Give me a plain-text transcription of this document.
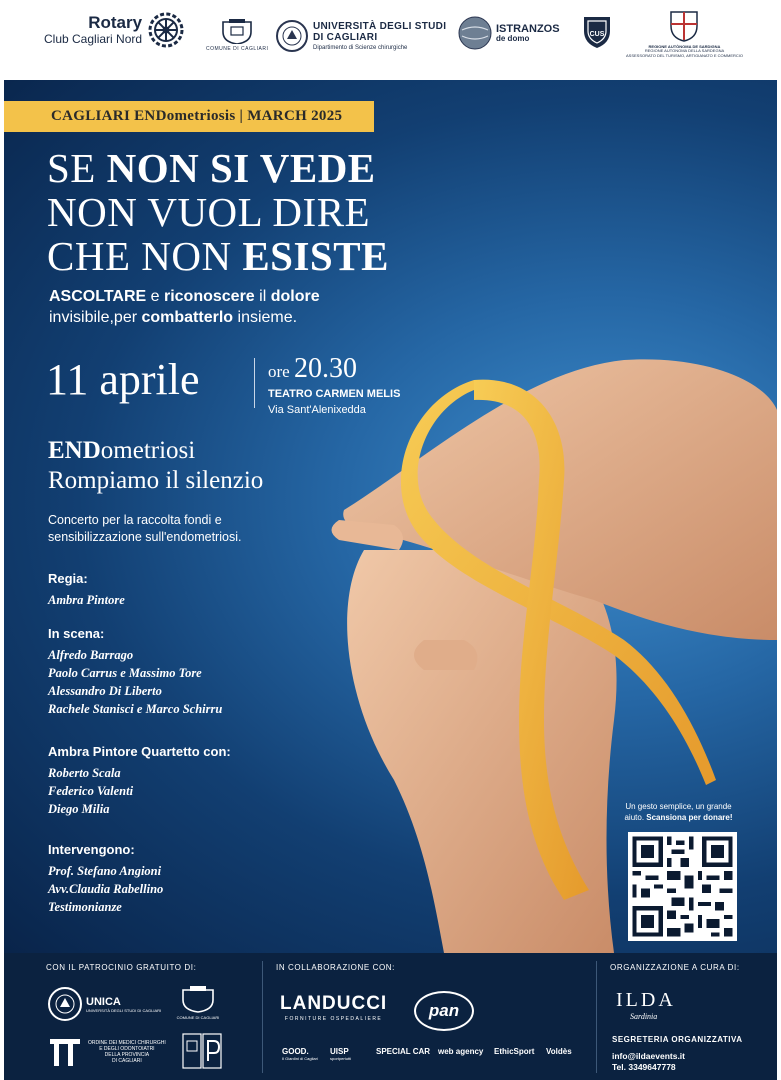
Rotary
Club Cagliari Nord
COMUNE DI CAGLIARI
UNIVERSITÀ DEGLI STUDI
DI CAGLIARI
Dipartimento di Scienze chirurgiche
ISTRANZOS
de domo	CUS
REGIONE AUTÒNOMA DE SARDIGNA
REGIONE AUTONOMA DELLA SARDEGNA
ASSESSORATO DEL TURISMO, ARTIGIANATO E COMMERCIO
CAGLIARI ENDometriosis | MARCH 2025
SE NON SI VEDE
NON VUOL DIRE
CHE NON ESISTE
ASCOLTARE e riconoscere il dolore
invisibile,per combatterlo insieme.
11 aprile	ore 20.30
TEATRO CARMEN MELIS
Via Sant'Alenixedda
ENDometriosi
Rompiamo il silenzio
Concerto per la raccolta fondi e
sensibilizzazione sull'endometriosi.
Regia:
Ambra Pintore
In scena:
Alfredo Barrago
Paolo Carrus e Massimo Tore
Alessandro Di Liberto
Rachele Stanisci e Marco Schirru
Ambra Pintore Quartetto con:
Roberto Scala
Federico Valenti
Diego Milia
Intervengono:
Prof. Stefano Angioni
Avv.Claudia Rabellino
Testimonianze
Un gesto semplice, un grande
aiuto. Scansiona per donare!
CON IL PATROCINIO GRATUITO DI:	IN COLLABORAZIONE CON:	ORGANIZZAZIONE A CURA DI:
UNICA
UNIVERSITÀ DEGLI STUDI DI CAGLIARI
COMUNE DI CAGLIARI
ORDINE DEI MEDICI CHIRURGHI
E DEGLI ODONTOIATRI
DELLA PROVINCIA
DI CAGLIARI
LANDUCCI
FORNITURE OSPEDALIERE	pan
GOOD.
Il Giardini di Cagliari
UISP
sportpertutti
SPECIAL CAR web agency EthicSport Voldès
ILDA
Sardinia
SEGRETERIA ORGANIZZATIVA
info@ildaevents.it
Tel. 3349647778
